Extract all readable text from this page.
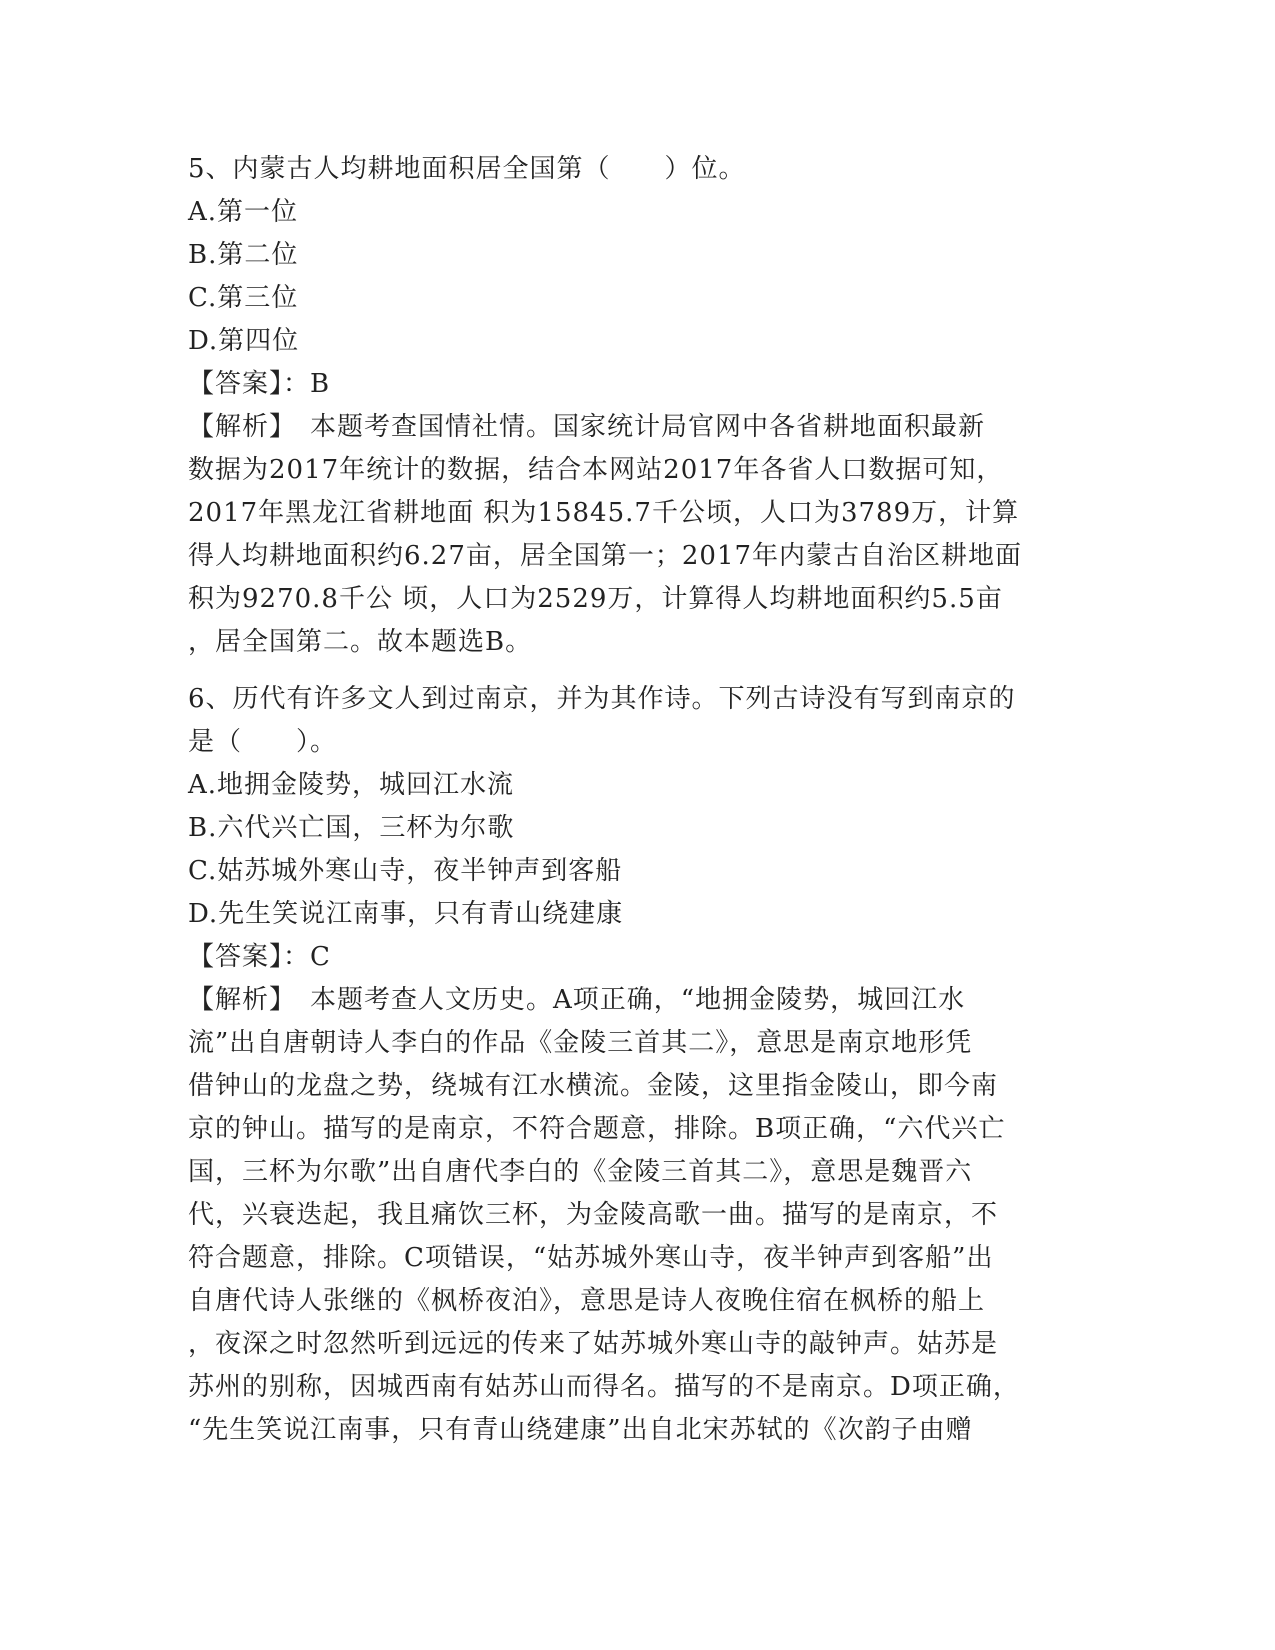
5、内蒙古人均耕地面积居全国第（　　）位。
A.第一位
B.第二位
C.第三位
D.第四位
【答案】：B
【解析】　本题考查国情社情。国家统计局官网中各省耕地面积最新
数据为2017年统计的数据，结合本网站2017年各省人口数据可知，
2017年黑龙江省耕地面 积为15845.7千公顷，人口为3789万，计算
得人均耕地面积约6.27亩，居全国第一；2017年内蒙古自治区耕地面
积为9270.8千公 顷，人口为2529万，计算得人均耕地面积约5.5亩
，居全国第二。故本题选B。
6、历代有许多文人到过南京，并为其作诗。下列古诗没有写到南京的
是（　　）。
A.地拥金陵势，城回江水流
B.六代兴亡国，三杯为尔歌
C.姑苏城外寒山寺，夜半钟声到客船
D.先生笑说江南事，只有青山绕建康
【答案】：C
【解析】　本题考查人文历史。A项正确，“地拥金陵势，城回江水
流”出自唐朝诗人李白的作品《金陵三首其二》，意思是南京地形凭
借钟山的龙盘之势，绕城有江水横流。金陵，这里指金陵山，即今南
京的钟山。描写的是南京，不符合题意，排除。B项正确，“六代兴亡
国，三杯为尔歌”出自唐代李白的《金陵三首其二》，意思是魏晋六
代，兴衰迭起，我且痛饮三杯，为金陵高歌一曲。描写的是南京，不
符合题意，排除。C项错误，“姑苏城外寒山寺，夜半钟声到客船”出
自唐代诗人张继的《枫桥夜泊》，意思是诗人夜晚住宿在枫桥的船上
，夜深之时忽然听到远远的传来了姑苏城外寒山寺的敲钟声。姑苏是
苏州的别称，因城西南有姑苏山而得名。描写的不是南京。D项正确，
“先生笑说江南事，只有青山绕建康”出自北宋苏轼的《次韵子由赠
